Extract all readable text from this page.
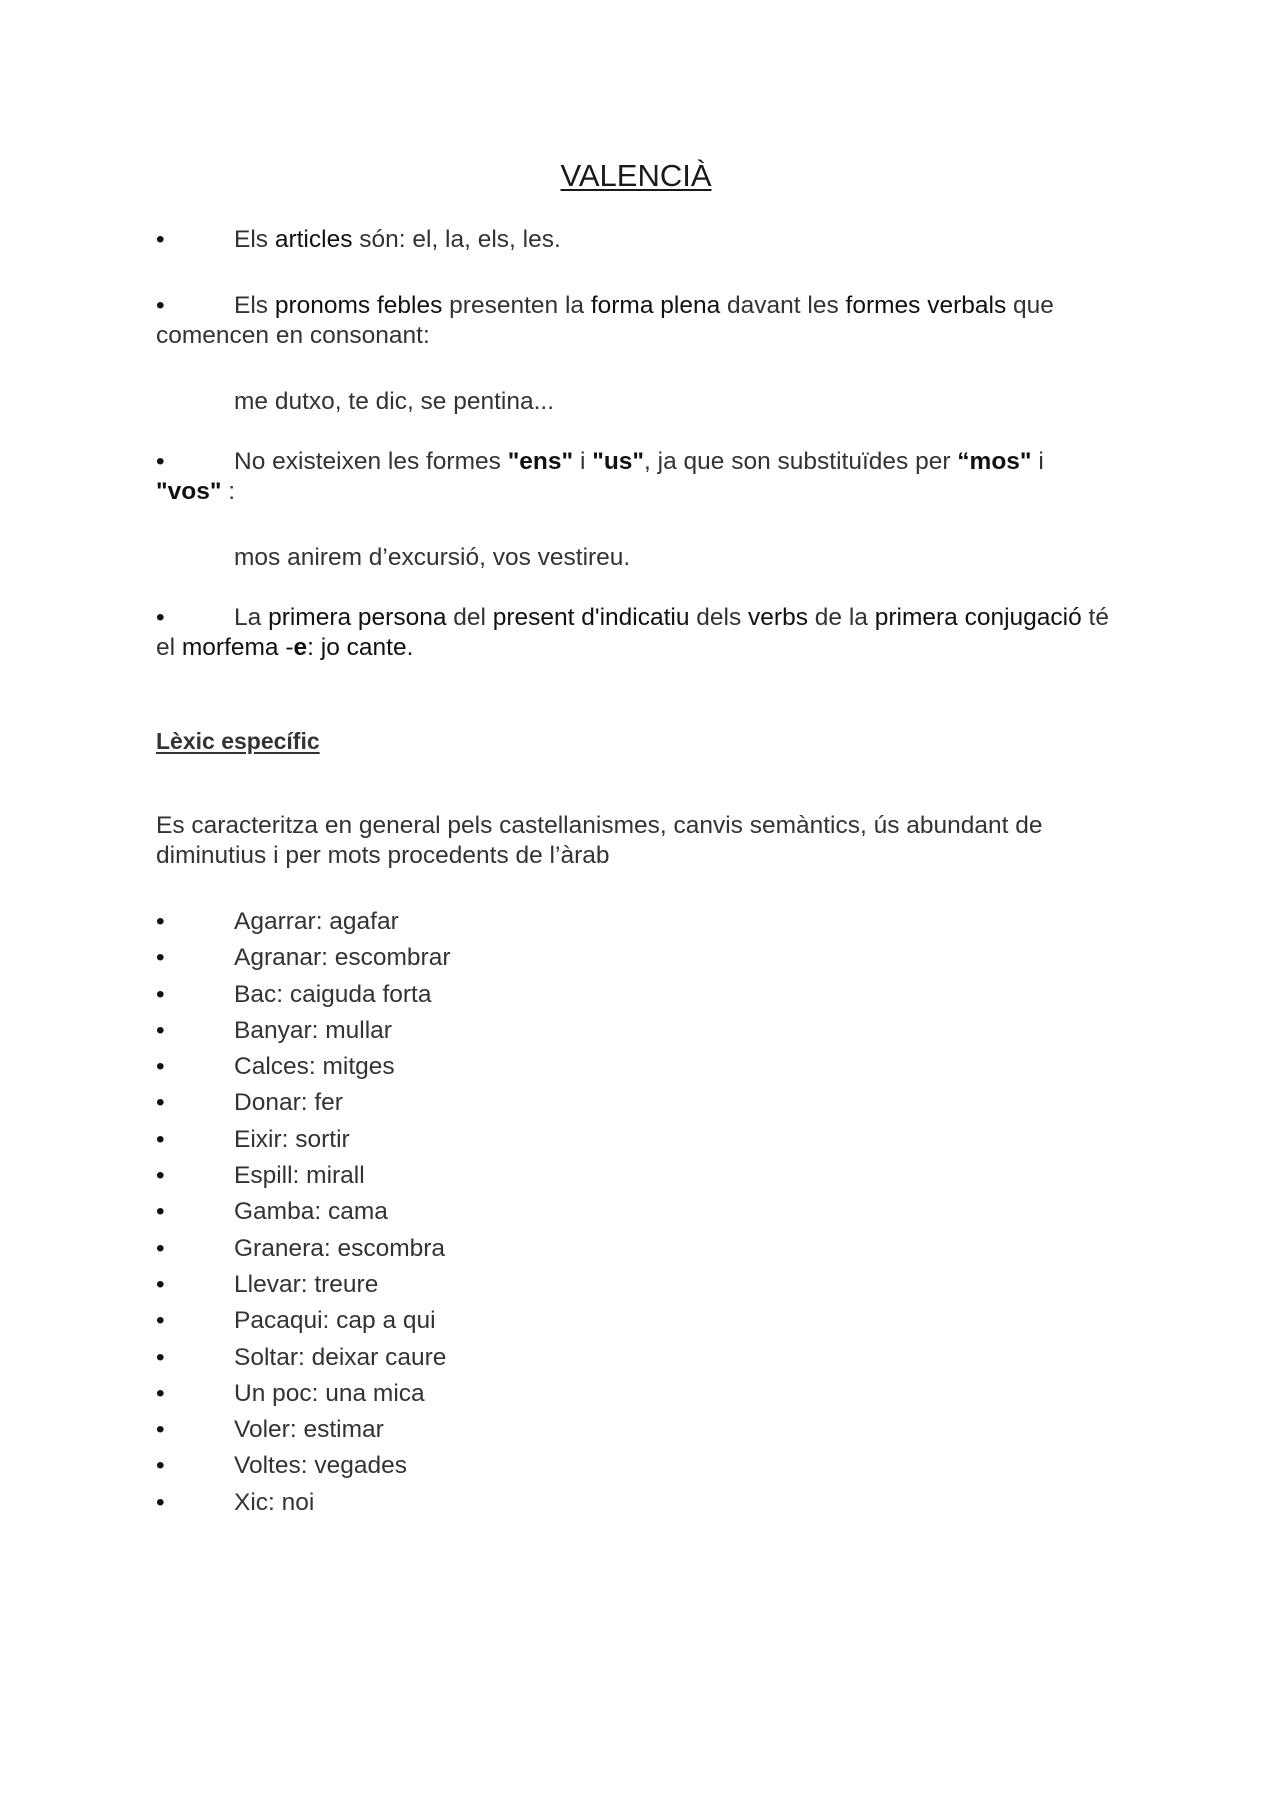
VALENCIÀ
•	Els articles són: el, la, els, les.
•	Els pronoms febles presenten la forma plena davant les formes verbals que comencen en consonant:
me dutxo, te dic, se pentina...
•	No existeixen les formes "ens" i "us", ja que son substituïdes per “mos" i "vos" :
mos anirem d’excursió, vos vestireu.
•	La primera persona del present d'indicatiu dels verbs de la primera conjugació té el morfema -e: jo cante.
Lèxic específic
Es caracteritza en general pels castellanismes, canvis semàntics, ús abundant de diminutius i per mots procedents de l’àrab
•	Agarrar: agafar
•	Agranar: escombrar
•	Bac: caiguda forta
•	Banyar: mullar
•	Calces: mitges
•	Donar: fer
•	Eixir: sortir
•	Espill: mirall
•	Gamba: cama
•	Granera: escombra
•	Llevar: treure
•	Pacaqui: cap a qui
•	Soltar: deixar caure
•	Un poc: una mica
•	Voler: estimar
•	Voltes: vegades
•	Xic: noi
